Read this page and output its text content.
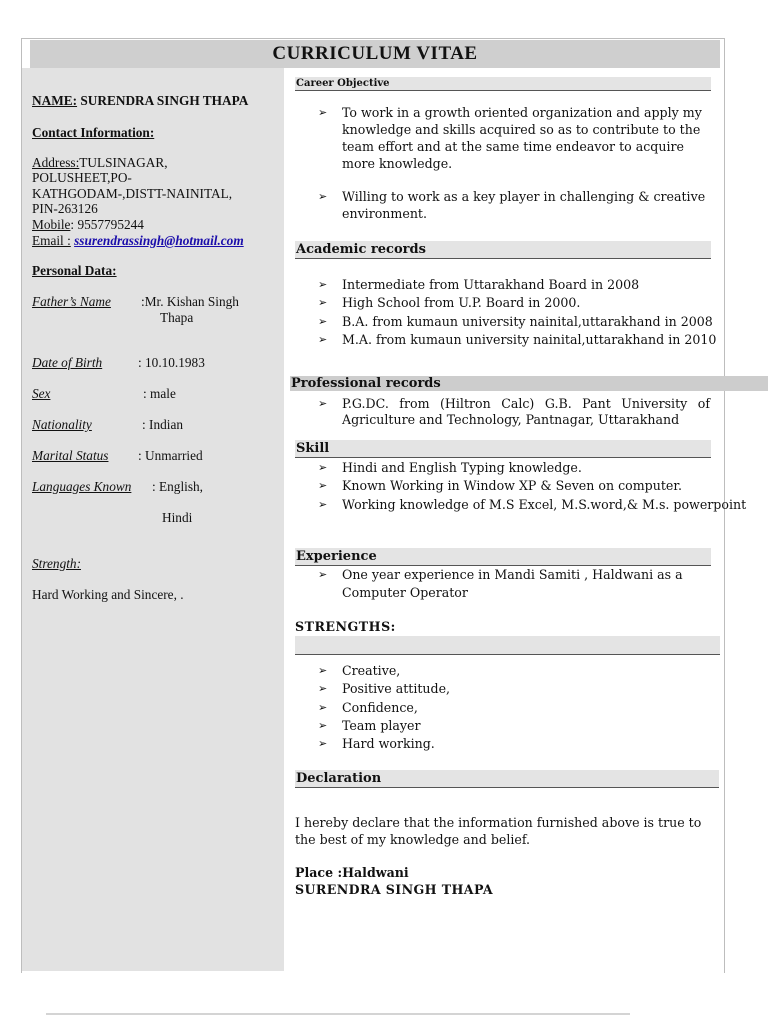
CURRICULUM VITAE
NAME: SURENDRA SINGH THAPA
Contact Information:
Address:TULSINAGAR,
POLUSHEET,PO-
KATHGODAM-,DISTT-NAINITAL,
PIN-263126
Mobile: 9557795244
Email : ssurendrassingh@hotmail.com
Personal Data:
Father’s Name :Mr. Kishan Singh
Thapa
Date of Birth	: 10.10.1983
Sex	: male
Nationality	: Indian
Marital Status : Unmarried
Languages Known : English,
Hindi
Strength:
Hard Working and Sincere, .
Career Objective
➢ To work in a growth oriented organization and apply my knowledge and skills acquired so as to contribute to the team effort and at the same time endeavor to acquire more knowledge.
➢ Willing to work as a key player in challenging & creative environment.
Academic records
➢ Intermediate from Uttarakhand Board in 2008
➢ High School from U.P. Board in 2000.
➢ B.A. from kumaun university nainital,uttarakhand in 2008
➢ M.A. from kumaun university nainital,uttarakhand in 2010
Professional records
➢ P.G.DC. from (Hiltron Calc) G.B. Pant University of Agriculture and Technology, Pantnagar, Uttarakhand
Skill
➢ Hindi and English Typing knowledge.
➢ Known Working in Window XP & Seven on computer.
➢ Working knowledge of M.S Excel, M.S.word,& M.s. powerpoint
Experience
➢ One year experience in Mandi Samiti , Haldwani as a Computer Operator
STRENGTHS:
➢ Creative,
➢ Positive attitude,
➢ Confidence,
➢ Team player
➢ Hard working.
Declaration
I hereby declare that the information furnished above is true to the best of my knowledge and belief.
Place :Haldwani
SURENDRA SINGH THAPA
